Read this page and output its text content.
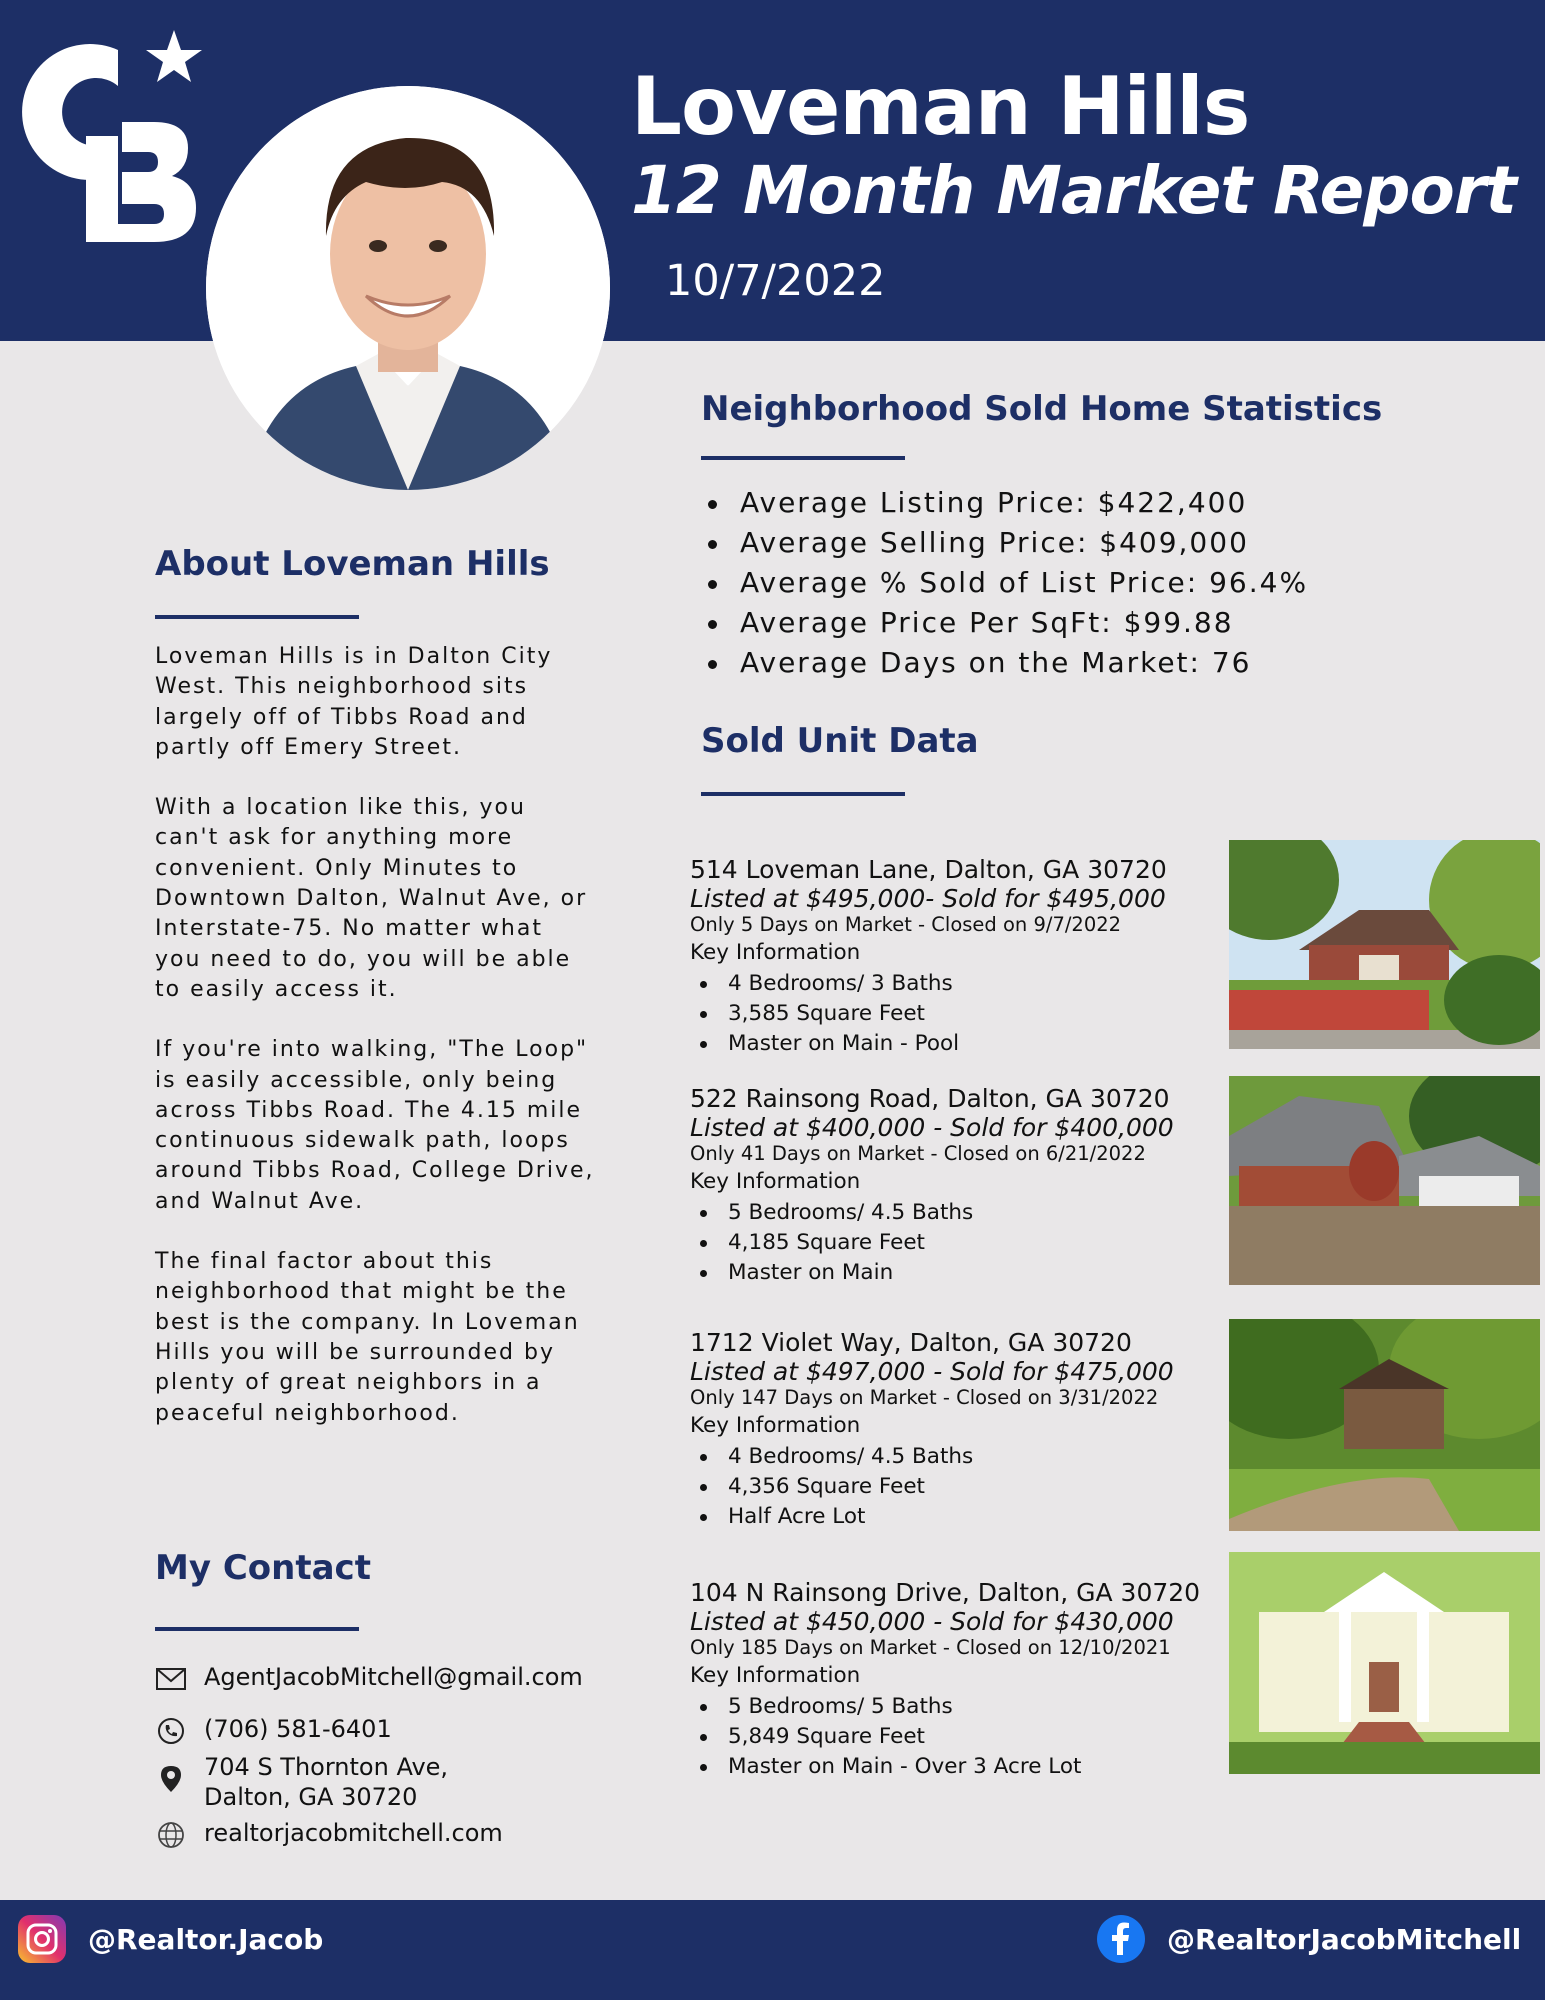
Loveman Hills
12 Month Market Report
10/7/2022
About Loveman Hills

Loveman Hills is in Dalton City West. This neighborhood sits largely off of Tibbs Road and partly off Emery Street.

With a location like this, you can't ask for anything more convenient. Only Minutes to Downtown Dalton, Walnut Ave, or Interstate-75. No matter what you need to do, you will be able to easily access it.

If you're into walking, "The Loop" is easily accessible, only being across Tibbs Road. The 4.15 mile continuous sidewalk path, loops around Tibbs Road, College Drive, and Walnut Ave.

The final factor about this neighborhood that might be the best is the company. In Loveman Hills you will be surrounded by plenty of great neighbors in a peaceful neighborhood.

Neighborhood Sold Home Statistics
Average Listing Price: $422,400
Average Selling Price: $409,000
Average % Sold of List Price: 96.4%
Average Price Per SqFt: $99.88
Average Days on the Market: 76
Sold Unit Data
514 Loveman Lane, Dalton, GA 30720
Listed at $495,000- Sold for $495,000
Only 5 Days on Market - Closed on 9/7/2022
Key Information
4 Bedrooms/ 3 Baths
3,585 Square Feet
Master on Main - Pool
522 Rainsong Road, Dalton, GA 30720
Listed at $400,000 - Sold for $400,000
Only 41 Days on Market - Closed on 6/21/2022
Key Information
5 Bedrooms/ 4.5 Baths
4,185 Square Feet
Master on Main
1712 Violet Way, Dalton, GA 30720
Listed at $497,000 - Sold for $475,000
Only 147 Days on Market - Closed on 3/31/2022
Key Information
4 Bedrooms/ 4.5 Baths
4,356 Square Feet
Half Acre Lot
104 N Rainsong Drive, Dalton, GA 30720
Listed at $450,000 - Sold for $430,000
Only 185 Days on Market - Closed on 12/10/2021
Key Information
5 Bedrooms/ 5 Baths
5,849 Square Feet
Master on Main - Over 3 Acre Lot
My Contact
AgentJacobMitchell@gmail.com
(706) 581-6401
704 S Thornton Ave,
Dalton, GA 30720
realtorjacobmitchell.com
@Realtor.Jacob	@RealtorJacobMitchell
